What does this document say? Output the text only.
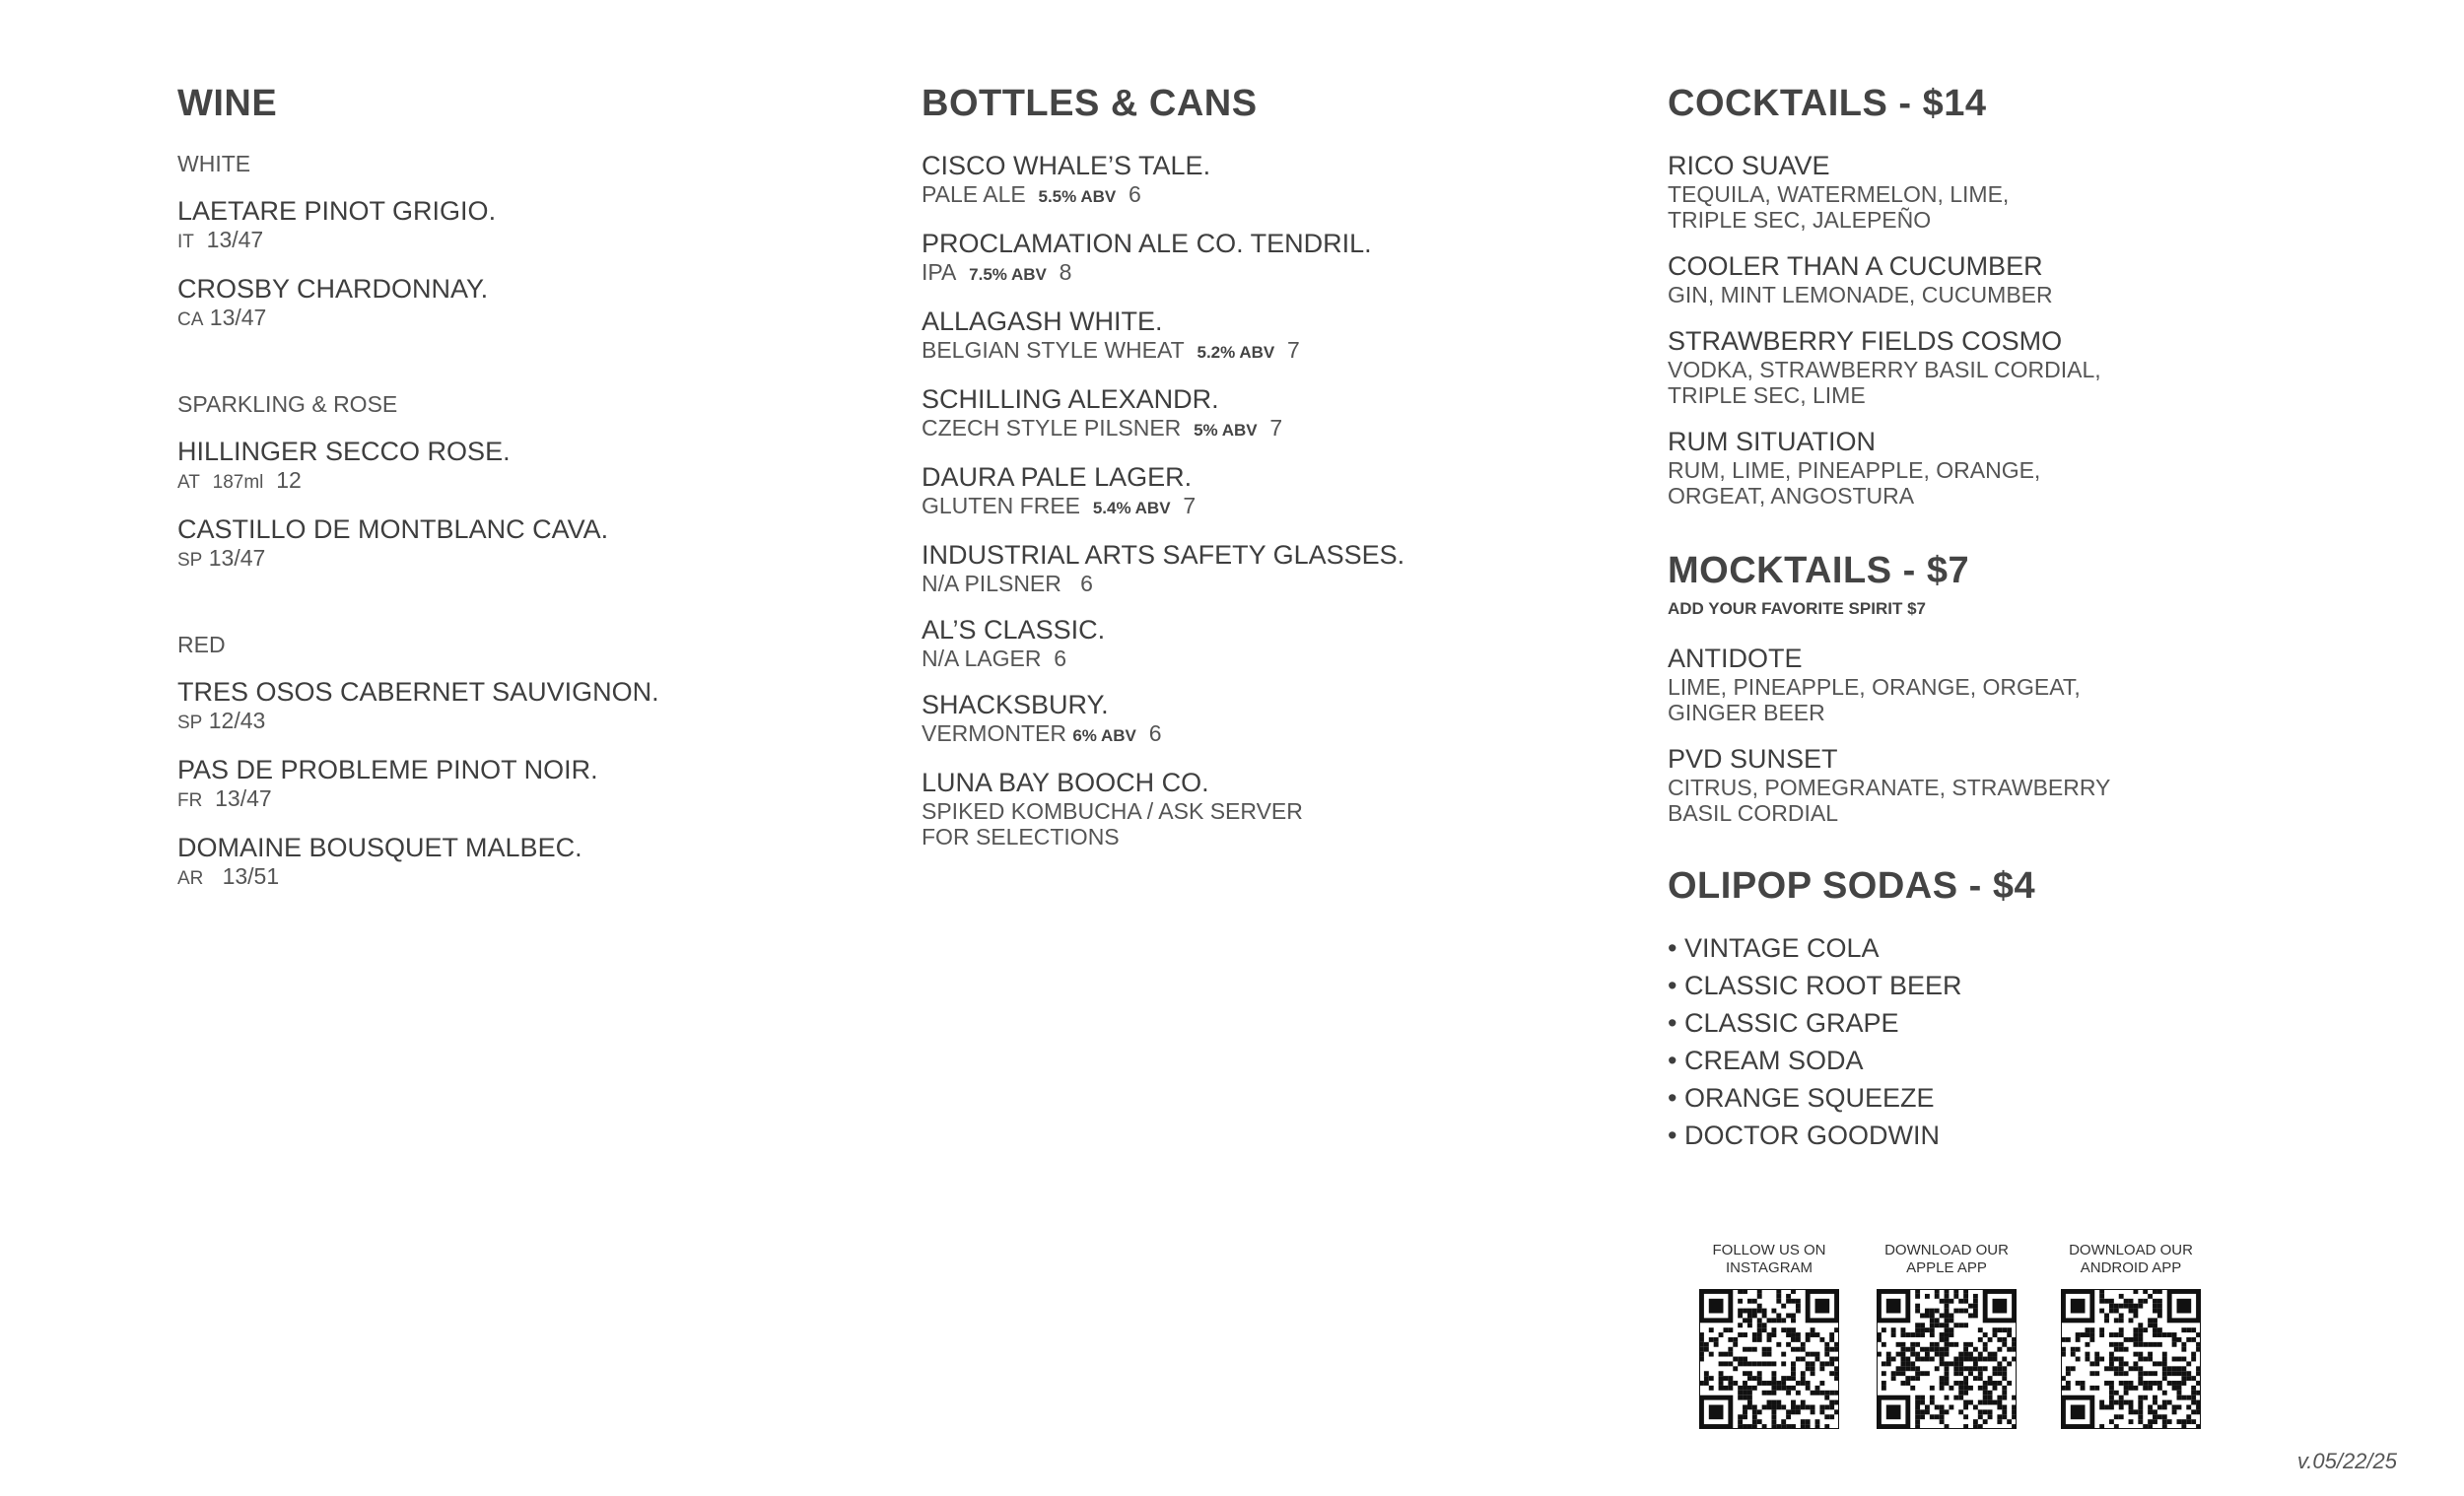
WINE
WHITE
LAETARE PINOT GRIGIO.
IT 13/47
CROSBY CHARDONNAY.
CA 13/47
SPARKLING & ROSE
HILLINGER SECCO ROSE.
AT 187ml 12
CASTILLO DE MONTBLANC CAVA.
SP 13/47
RED
TRES OSOS CABERNET SAUVIGNON.
SP 12/43
PAS DE PROBLEME PINOT NOIR.
FR 13/47
DOMAINE BOUSQUET MALBEC.
AR 13/51
BOTTLES & CANS
CISCO WHALE’S TALE.
PALE ALE 5.5% ABV 6
PROCLAMATION ALE CO. TENDRIL.
IPA 7.5% ABV 8
ALLAGASH WHITE.
BELGIAN STYLE WHEAT 5.2% ABV 7
SCHILLING ALEXANDR.
CZECH STYLE PILSNER 5% ABV 7
DAURA PALE LAGER.
GLUTEN FREE 5.4% ABV 7
INDUSTRIAL ARTS SAFETY GLASSES.
N/A PILSNER 6
AL’S CLASSIC.
N/A LAGER 6
SHACKSBURY.
VERMONTER 6% ABV 6
LUNA BAY BOOCH CO.
SPIKED KOMBUCHA / ASK SERVER
FOR SELECTIONS
COCKTAILS - $14
RICO SUAVE
TEQUILA, WATERMELON, LIME,
TRIPLE SEC, JALEPEÑO
COOLER THAN A CUCUMBER
GIN, MINT LEMONADE, CUCUMBER
STRAWBERRY FIELDS COSMO
VODKA, STRAWBERRY BASIL CORDIAL,
TRIPLE SEC, LIME
RUM SITUATION
RUM, LIME, PINEAPPLE, ORANGE,
ORGEAT, ANGOSTURA
MOCKTAILS - $7
ADD YOUR FAVORITE SPIRIT $7
ANTIDOTE
LIME, PINEAPPLE, ORANGE, ORGEAT,
GINGER BEER
PVD SUNSET
CITRUS, POMEGRANATE, STRAWBERRY
BASIL CORDIAL
OLIPOP SODAS - $4
• VINTAGE COLA
• CLASSIC ROOT BEER
• CLASSIC GRAPE
• CREAM SODA
• ORANGE SQUEEZE
• DOCTOR GOODWIN
FOLLOW US ON
INSTAGRAM
DOWNLOAD OUR
APPLE APP
DOWNLOAD OUR
ANDROID APP
v.05/22/25
